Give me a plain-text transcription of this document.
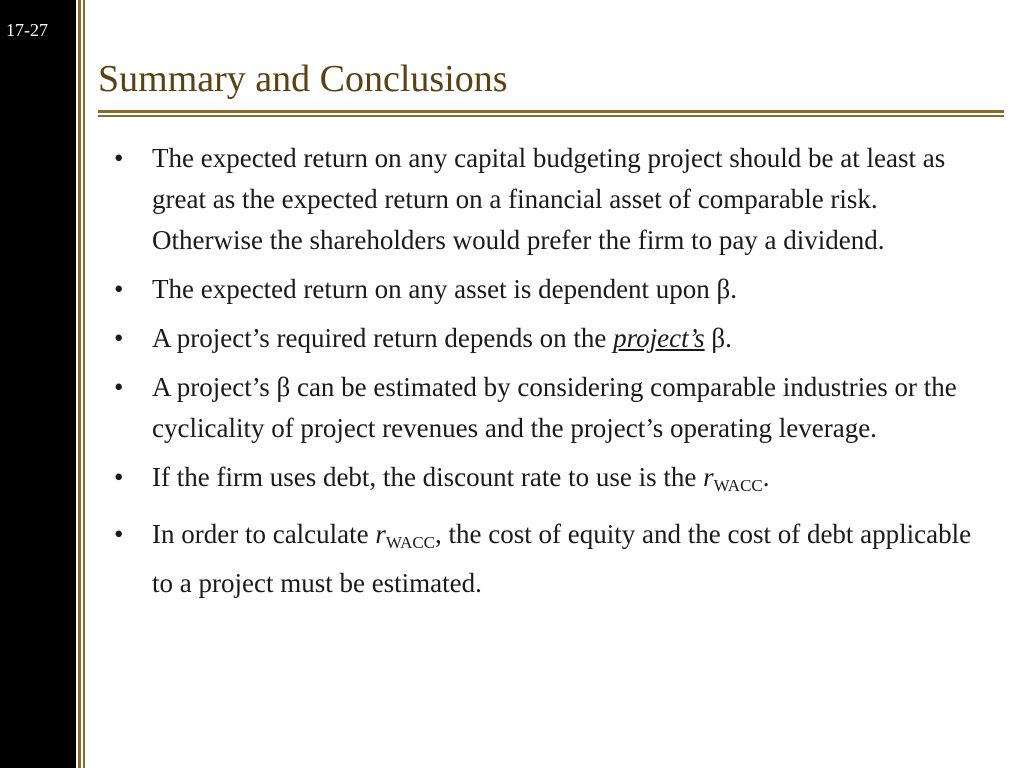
17-27
Summary and Conclusions
• The expected return on any capital budgeting project should be at least as great as the expected return on a financial asset of comparable risk. Otherwise the shareholders would prefer the firm to pay a dividend.
• The expected return on any asset is dependent upon β.
• A project’s required return depends on the project’s β.
• A project’s β can be estimated by considering comparable industries or the cyclicality of project revenues and the project’s operating leverage.
• If the firm uses debt, the discount rate to use is the $r_{WACC}$.
• In order to calculate $r_{WACC}$, the cost of equity and the cost of debt applicable to a project must be estimated.
